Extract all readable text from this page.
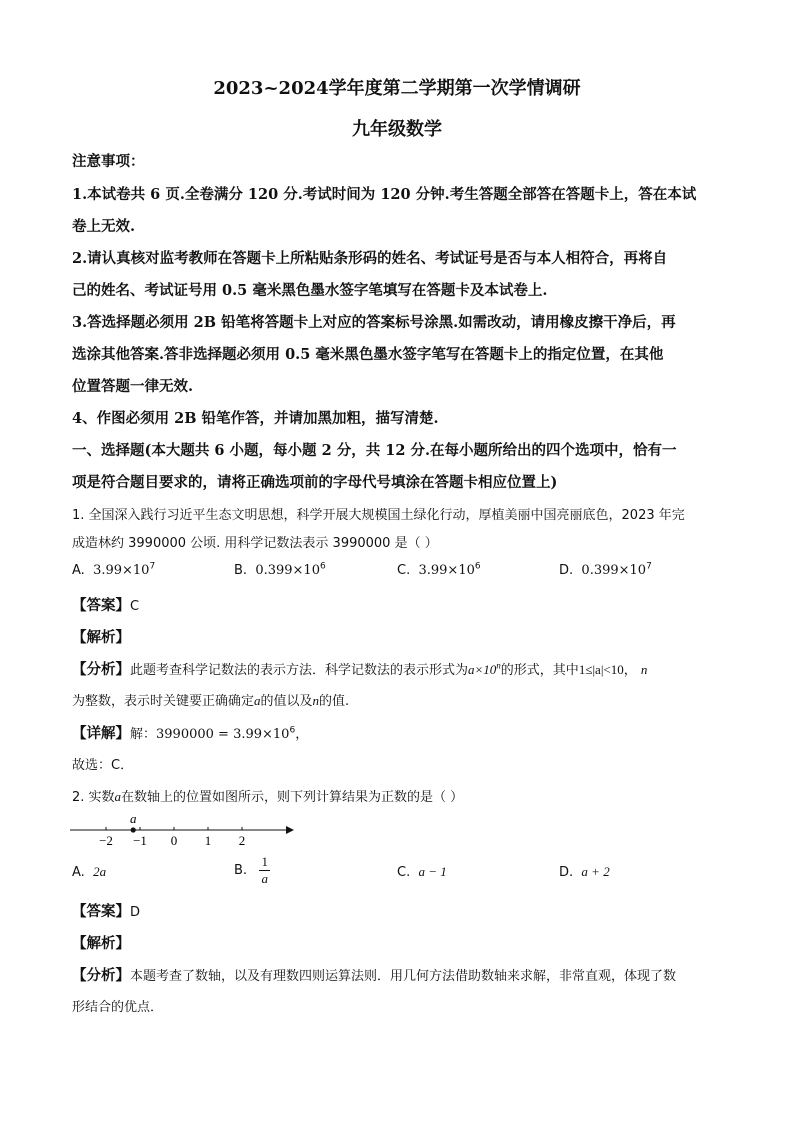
2023~2024学年度第二学期第一次学情调研
九年级数学
注意事项：
1.本试卷共 6 页.全卷满分 120 分.考试时间为 120 分钟.考生答题全部答在答题卡上，答在本试
卷上无效.
2.请认真核对监考教师在答题卡上所粘贴条形码的姓名、考试证号是否与本人相符合，再将自
己的姓名、考试证号用 0.5 毫米黑色墨水签字笔填写在答题卡及本试卷上.
3.答选择题必须用 2B 铅笔将答题卡上对应的答案标号涂黑.如需改动，请用橡皮擦干净后，再
选涂其他答案.答非选择题必须用 0.5 毫米黑色墨水签字笔写在答题卡上的指定位置，在其他
位置答题一律无效.
4、作图必须用 2B 铅笔作答，并请加黑加粗，描写清楚.
一、选择题(本大题共 6 小题，每小题 2 分，共 12 分.在每小题所给出的四个选项中，恰有一
项是符合题目要求的，请将正确选项前的字母代号填涂在答题卡相应位置上)
1. 全国深入践行习近平生态文明思想，科学开展大规模国土绿化行动，厚植美丽中国亮丽底色，2023 年完
成造林约 3990000 公顷. 用科学记数法表示 3990000 是（ ）
A. $3.99\times 10^7$	B. $0.399\times 10^6$	C. $3.99\times 10^6$	D. $0.399\times 10^7$
【答案】C
【解析】
【分析】此题考查科学记数法的表示方法．科学记数法的表示形式为$a\times 10^n$的形式，其中1≤|a|<10， n
为整数，表示时关键要正确确定a的值以及n的值.
【详解】解：$3990000 = 3.99\times 10^6$，
故选：C．
2. 实数a在数轴上的位置如图所示，则下列计算结果为正数的是（ ）
−2 −1 0 1 2
a
A. 2a	B. $\frac{1}{a}$	C. a − 1	D. a + 2
【答案】D
【解析】
【分析】本题考查了数轴，以及有理数四则运算法则．用几何方法借助数轴来求解，非常直观，体现了数
形结合的优点．
